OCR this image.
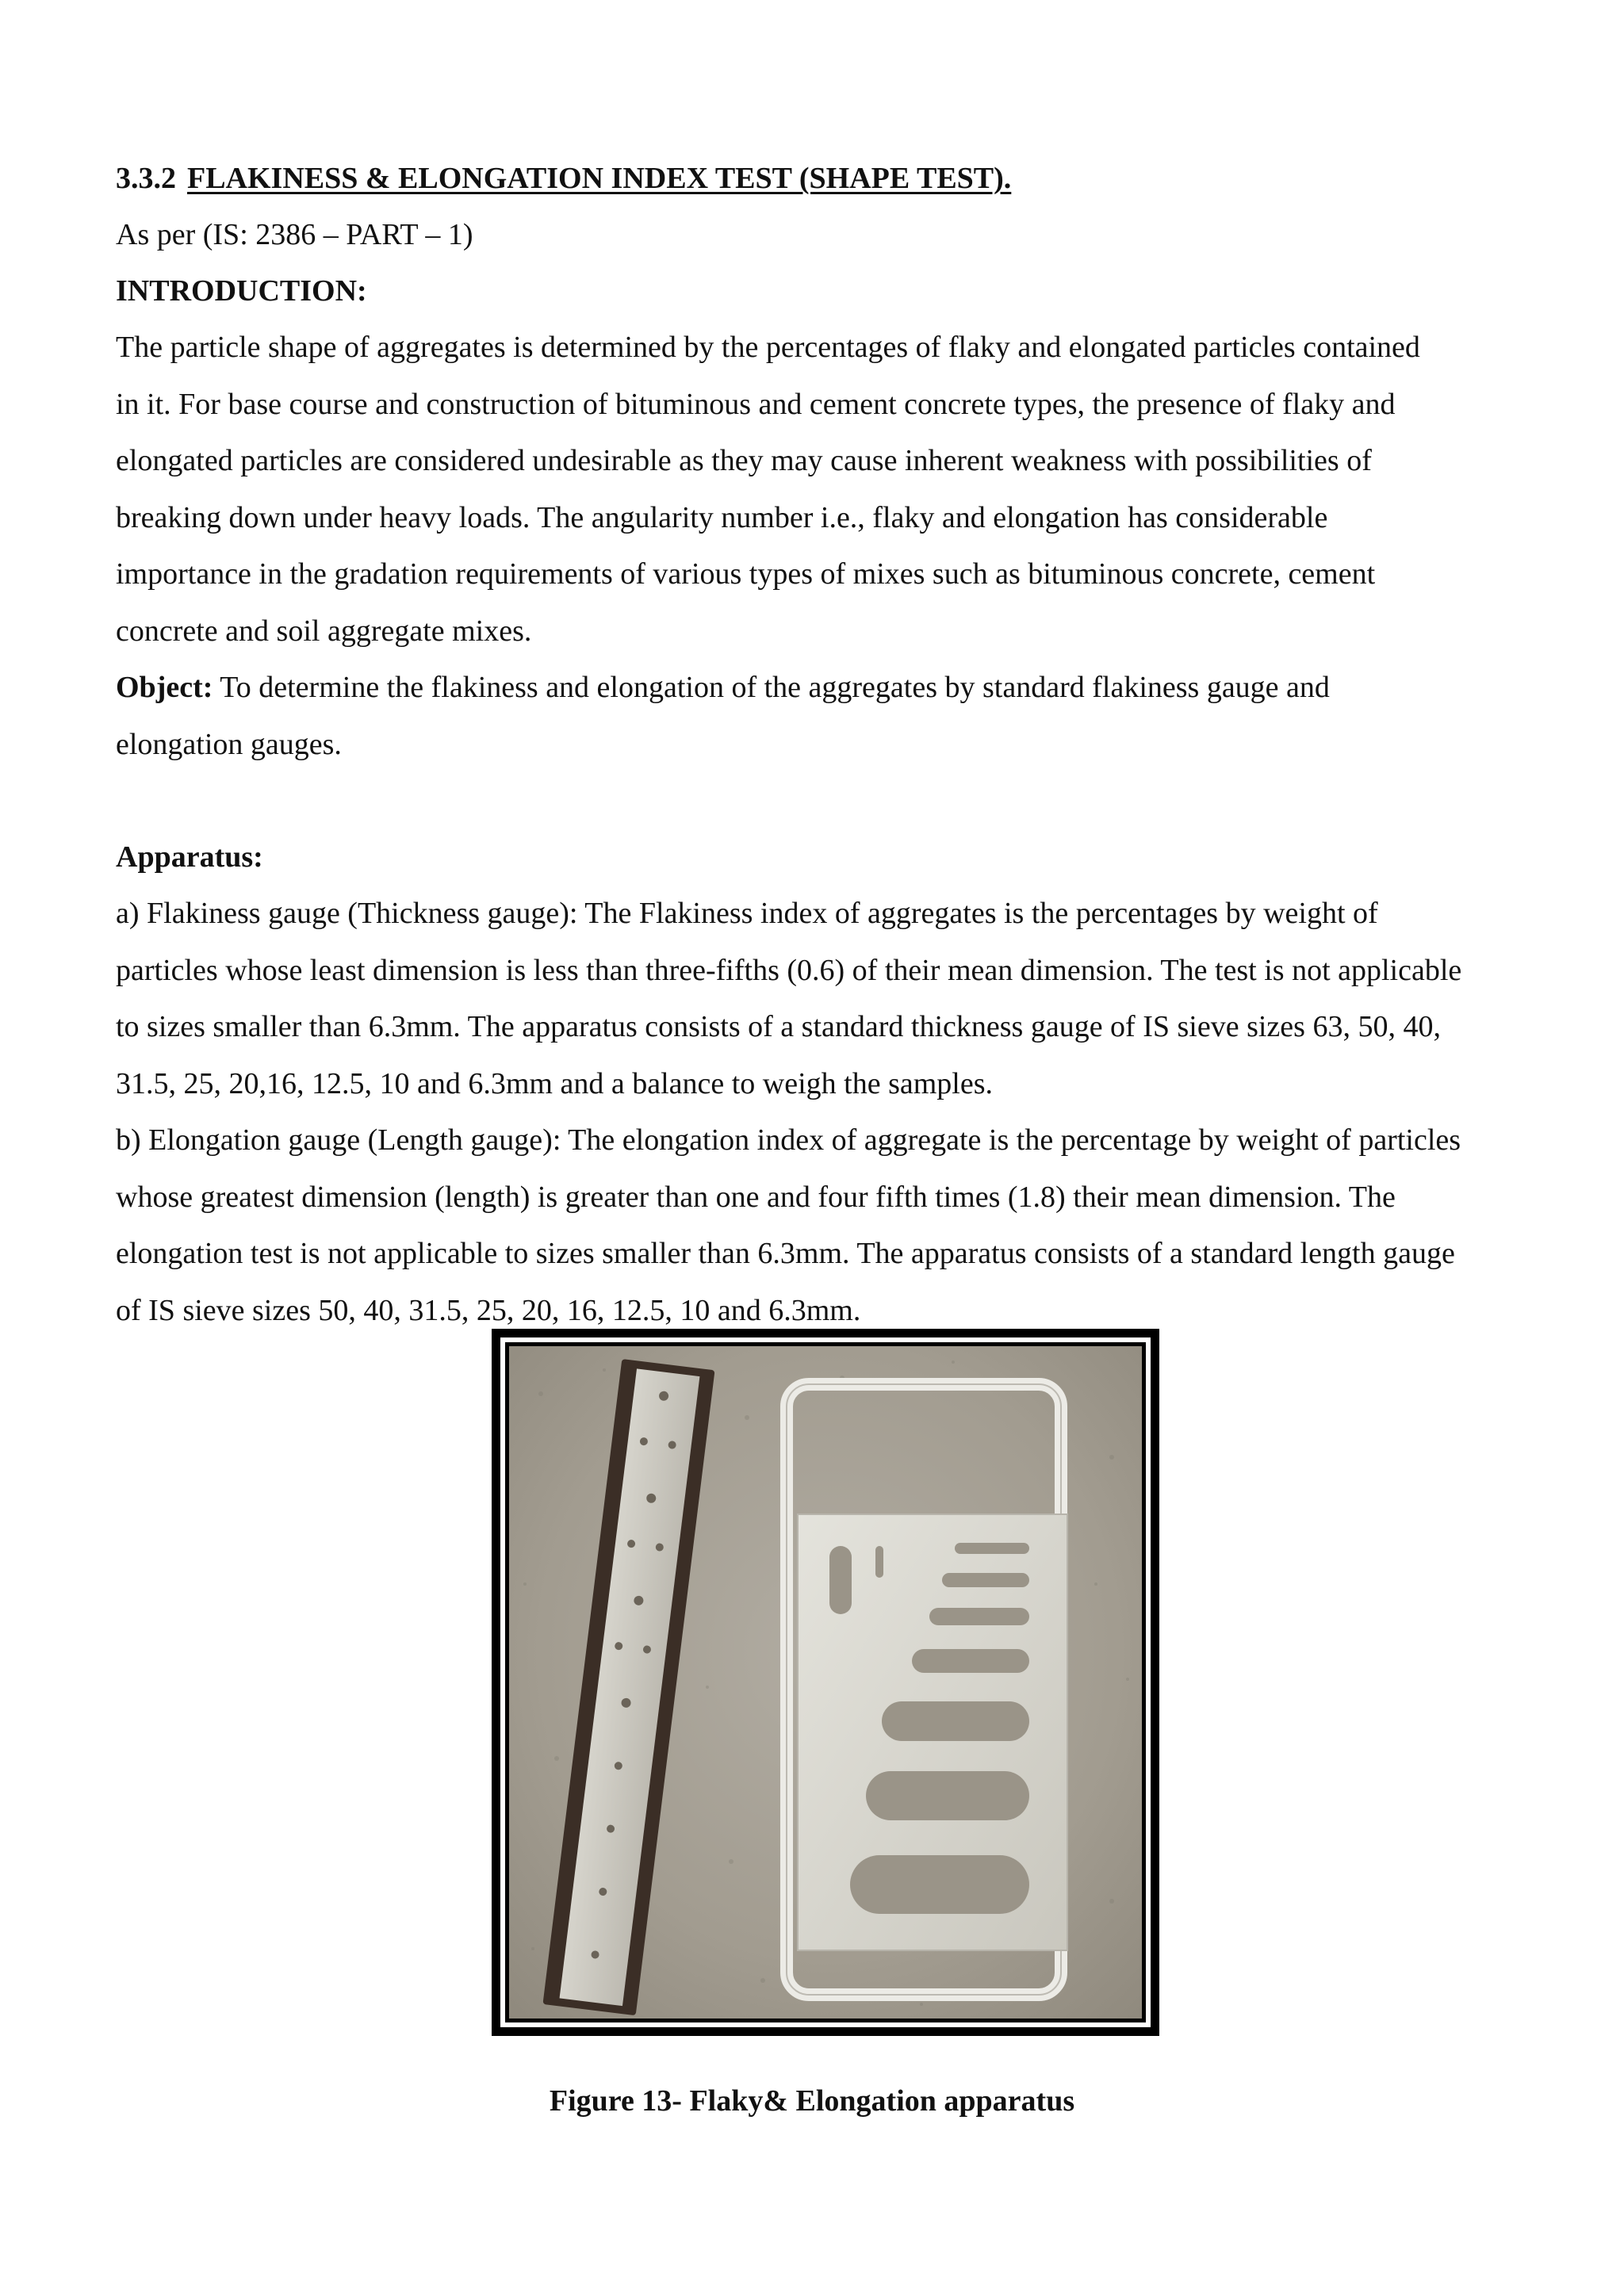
3.3.2 FLAKINESS & ELONGATION INDEX TEST (SHAPE TEST).

As per (IS: 2386 – PART – 1)

INTRODUCTION:

The particle shape of aggregates is determined by the percentages of flaky and elongated particles contained

in it. For base course and construction of bituminous and cement concrete types, the presence of flaky and

elongated particles are considered undesirable as they may cause inherent weakness with possibilities of

breaking down under heavy loads. The angularity number i.e., flaky and elongation has considerable

importance in the gradation requirements of various types of mixes such as bituminous concrete, cement

concrete and soil aggregate mixes.

Object: To determine the flakiness and elongation of the aggregates by standard flakiness gauge and

elongation gauges.

Apparatus:

a) Flakiness gauge (Thickness gauge): The Flakiness index of aggregates is the percentages by weight of

particles whose least dimension is less than three-fifths (0.6) of their mean dimension. The test is not applicable

to sizes smaller than 6.3mm. The apparatus consists of a standard thickness gauge of IS sieve sizes 63, 50, 40,

31.5, 25, 20,16, 12.5, 10 and 6.3mm and a balance to weigh the samples.

b) Elongation gauge (Length gauge): The elongation index of aggregate is the percentage by weight of particles

whose greatest dimension (length) is greater than one and four fifth times (1.8) their mean dimension. The

elongation test is not applicable to sizes smaller than 6.3mm. The apparatus consists of a standard length gauge

of IS sieve sizes 50, 40, 31.5, 25, 20, 16, 12.5, 10 and 6.3mm.

Figure 13- Flaky& Elongation apparatus
